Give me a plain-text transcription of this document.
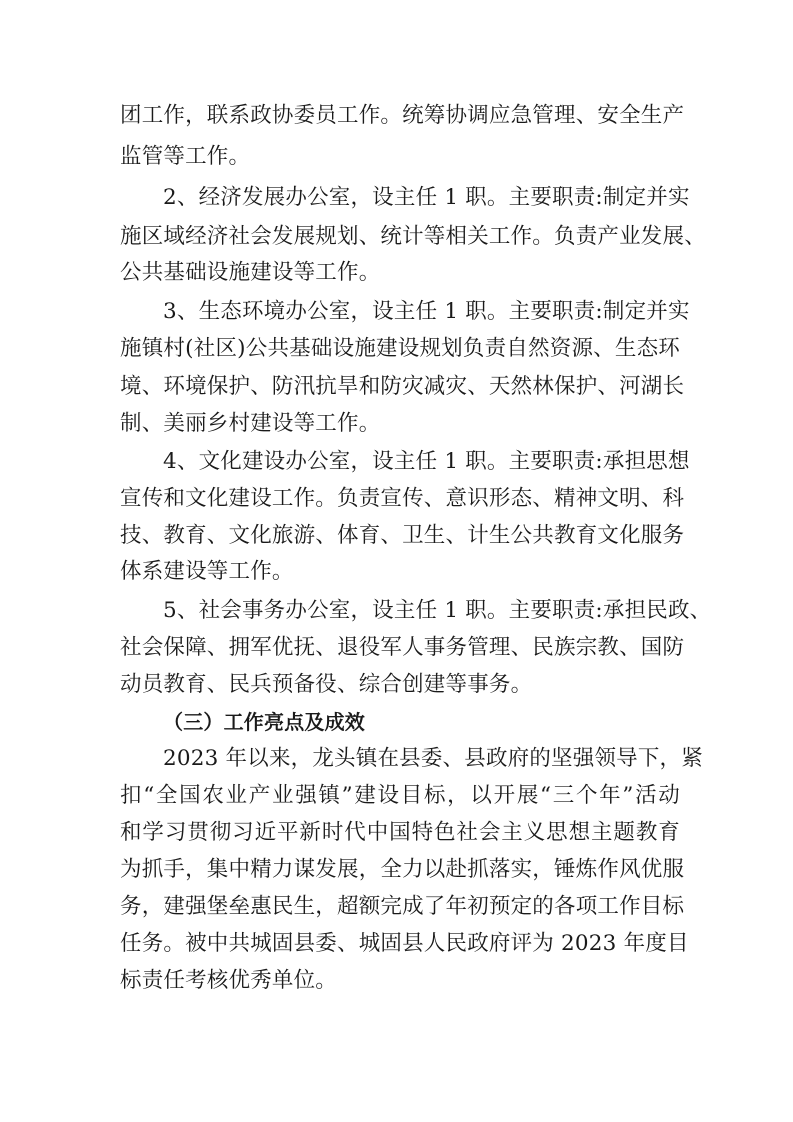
团工作，联系政协委员工作。统筹协调应急管理、安全生产
监管等工作。
2、经济发展办公室，设主任 1 职。主要职责:制定并实
施区域经济社会发展规划、统计等相关工作。负责产业发展、
公共基础设施建设等工作。
3、生态环境办公室，设主任 1 职。主要职责:制定并实
施镇村(社区)公共基础设施建设规划负责自然资源、生态环
境、环境保护、防汛抗旱和防灾减灾、天然林保护、河湖长
制、美丽乡村建设等工作。
4、文化建设办公室，设主任 1 职。主要职责:承担思想
宣传和文化建设工作。负责宣传、意识形态、精神文明、科
技、教育、文化旅游、体育、卫生、计生公共教育文化服务
体系建设等工作。
5、社会事务办公室，设主任 1 职。主要职责:承担民政、
社会保障、拥军优抚、退役军人事务管理、民族宗教、国防
动员教育、民兵预备役、综合创建等事务。
（三）工作亮点及成效
2023 年以来，龙头镇在县委、县政府的坚强领导下，紧
扣“全国农业产业强镇”建设目标，以开展“三个年”活动
和学习贯彻习近平新时代中国特色社会主义思想主题教育
为抓手，集中精力谋发展，全力以赴抓落实，锤炼作风优服
务，建强堡垒惠民生，超额完成了年初预定的各项工作目标
任务。被中共城固县委、城固县人民政府评为 2023 年度目
标责任考核优秀单位。
